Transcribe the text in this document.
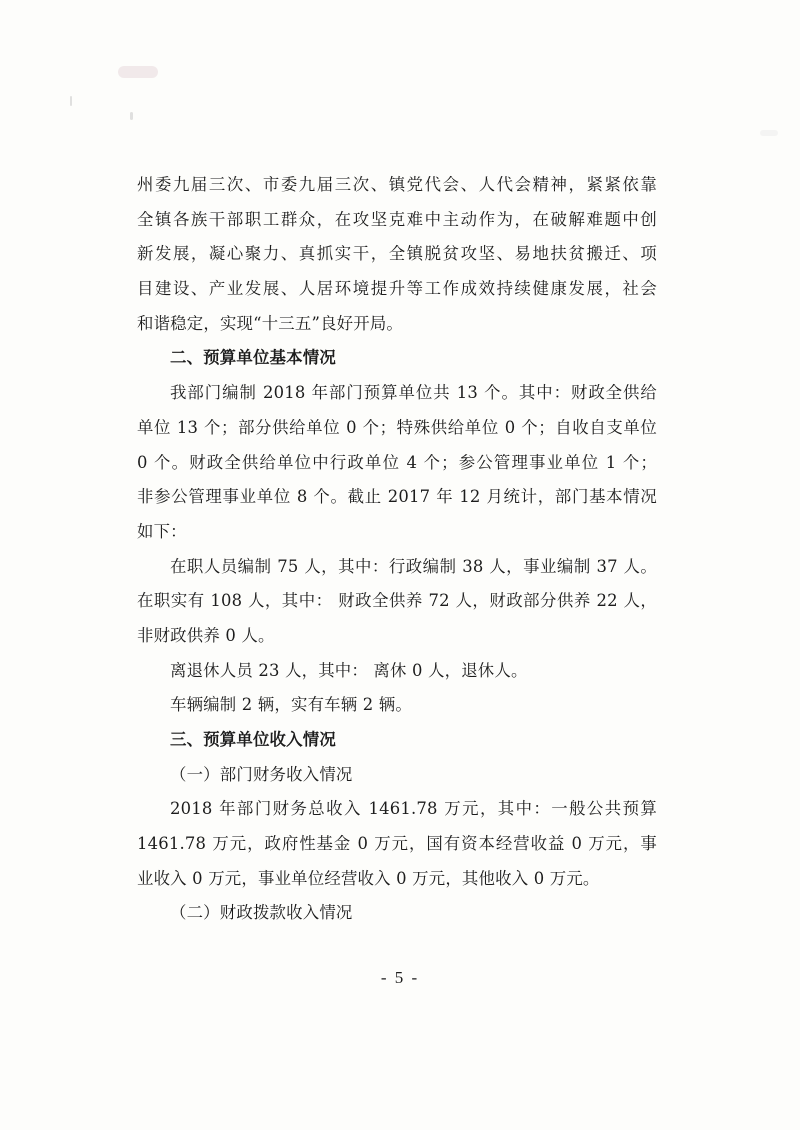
州委九届三次、市委九届三次、镇党代会、人代会精神，紧紧依靠
全镇各族干部职工群众，在攻坚克难中主动作为，在破解难题中创
新发展，凝心聚力、真抓实干，全镇脱贫攻坚、易地扶贫搬迁、项
目建设、产业发展、人居环境提升等工作成效持续健康发展，社会
和谐稳定，实现“十三五”良好开局。
二、预算单位基本情况
我部门编制 2018 年部门预算单位共 13 个。其中：财政全供给
单位 13 个；部分供给单位 0 个；特殊供给单位 0 个；自收自支单位
0 个。财政全供给单位中行政单位 4 个；参公管理事业单位 1 个；
非参公管理事业单位 8 个。截止 2017 年 12 月统计，部门基本情况
如下：
在职人员编制 75 人，其中：行政编制 38 人，事业编制 37 人。
在职实有 108 人，其中： 财政全供养 72 人，财政部分供养 22 人，
非财政供养 0 人。
离退休人员 23 人，其中： 离休 0 人，退休人。
车辆编制 2 辆，实有车辆 2 辆。
三、预算单位收入情况
（一）部门财务收入情况
2018 年部门财务总收入 1461.78 万元，其中：一般公共预算
1461.78 万元，政府性基金 0 万元，国有资本经营收益 0 万元，事
业收入 0 万元，事业单位经营收入 0 万元，其他收入 0 万元。
（二）财政拨款收入情况
- 5 -
